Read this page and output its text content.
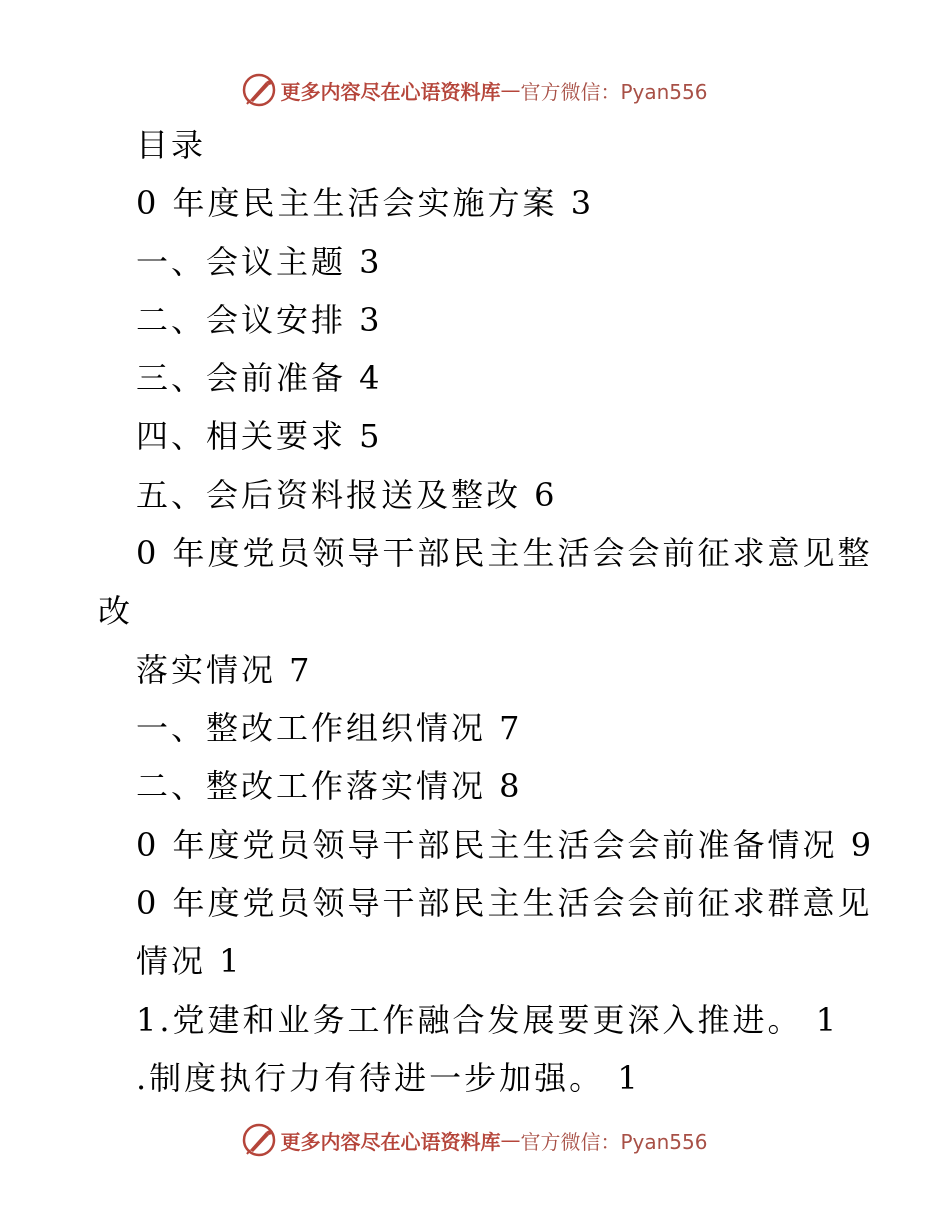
更多内容尽在心语资料库 — 官方微信：Pyan556
目录
0 年度民主生活会实施方案 3
一、会议主题 3
二、会议安排 3
三、会前准备 4
四、相关要求 5
五、会后资料报送及整改 6
0 年度党员领导干部民主生活会会前征求意见整
改
落实情况 7
一、整改工作组织情况 7
二、整改工作落实情况 8
0 年度党员领导干部民主生活会会前准备情况 9
0 年度党员领导干部民主生活会会前征求群意见
情况 1
1.党建和业务工作融合发展要更深入推进。 1
.制度执行力有待进一步加强。 1
更多内容尽在心语资料库 — 官方微信：Pyan556
